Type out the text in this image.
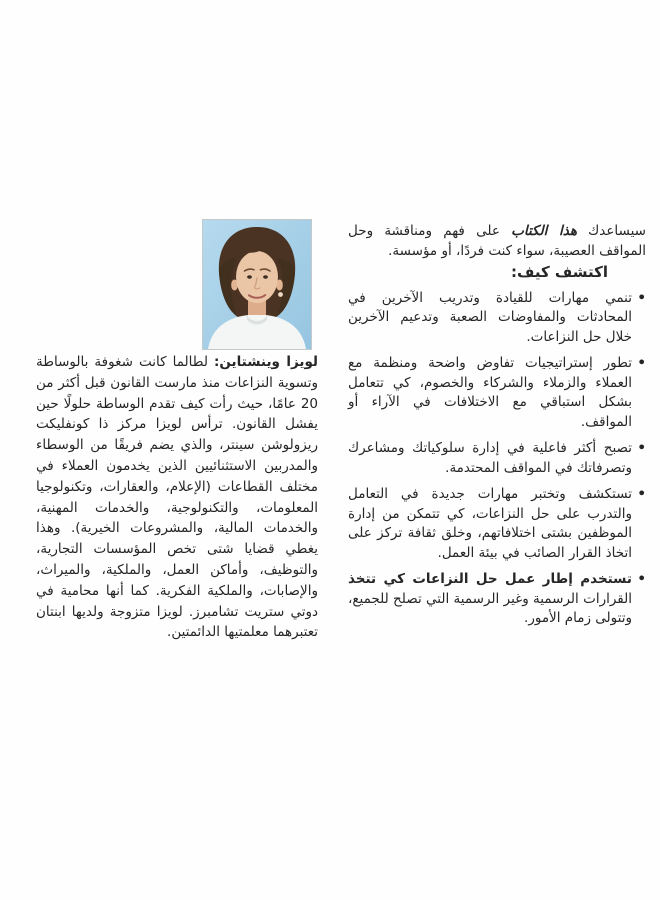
سيساعدك هذا الكتاب على فهم ومناقشة وحل المواقف العصيبة، سواء كنت فردًا، أو مؤسسة.

اكتشف كيف:

•
تنمي مهارات للقيادة وتدريب الآخرين في المحادثات والمفاوضات الصعبة وتدعيم الآخرين خلال حل النزاعات.
•
تطور إستراتيجيات تفاوض واضحة ومنظمة مع العملاء والزملاء والشركاء والخصوم، كي تتعامل بشكل استباقي مع الاختلافات في الآراء أو المواقف.
•
تصبح أكثر فاعلية في إدارة سلوكياتك ومشاعرك وتصرفاتك في المواقف المحتدمة.
•
تستكشف وتختبر مهارات جديدة في التعامل والتدرب على حل النزاعات، كي تتمكن من إدارة الموظفين بشتى اختلافاتهم، وخلق ثقافة تركز على اتخاذ القرار الصائب في بيئة العمل.
•
تستخدم إطار عمل حل النزاعات كي تتخذ القرارات الرسمية وغير الرسمية التي تصلح للجميع، وتتولى زمام الأمور.

لويزا وينشتاين: لطالما كانت شغوفة بالوساطة وتسوية النزاعات منذ مارست القانون قبل أكثر من 20 عامًا، حيث رأت كيف تقدم الوساطة حلولًا حين يفشل القانون. ترأس لويزا مركز ذا كونفليكت ريزولوشن سينتر، والذي يضم فريقًا من الوسطاء والمدربين الاستثنائيين الذين يخدمون العملاء في مختلف القطاعات (الإعلام، والعقارات، وتكنولوجيا المعلومات، والتكنولوجية، والخدمات المهنية، والخدمات المالية، والمشروعات الخيرية). وهذا يغطي قضايا شتى تخص المؤسسات التجارية، والتوظيف، وأماكن العمل، والملكية، والميراث، والإصابات، والملكية الفكرية. كما أنها محامية في دوتي ستريت تشامبرز. لويزا متزوجة ولديها ابنتان تعتبرهما معلمتيها الدائمتين.
